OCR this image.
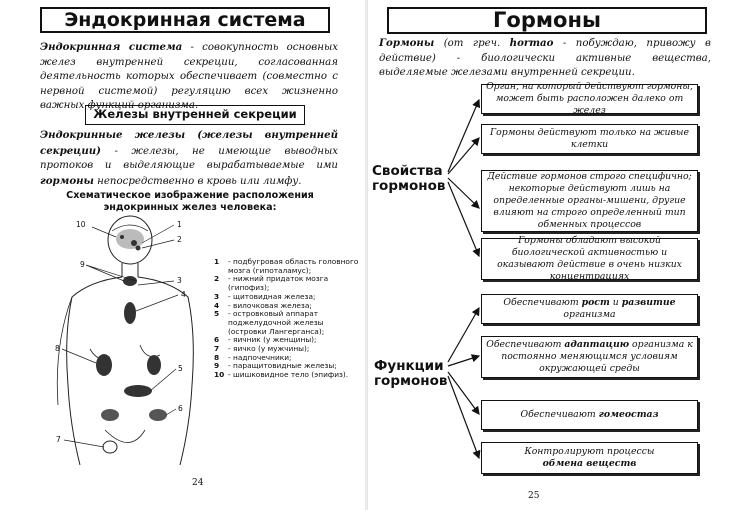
Эндокринная система

Эндокринная система - совокупность основных желез внутренней секреции, согласованная деятельность которых обеспечивает (совместно с нервной системой) регуляцию всех жизненно важных функций организма.

Железы внутренней секреции

Эндокринные железы (железы внутренней секреции) - железы, не имеющие выводных протоков и выделяющие вырабатываемые ими гормоны непосредственно в кровь или лимфу.

Схематическое изображение расположения эндокринных желез человека:
10	1
2
9
3
4
8
5
6
7
1	- подбугровая область головного мозга (гипоталамус);
2	- нижний придаток мозга (гипофиз);
3	- щитовидная железа;
4	- вилочковая железа;
5	- островковый аппарат поджелудочной железы (островки Лангерганса);
6	- яичник (у женщины);
7	- яичко (у мужчины);
8	- надпочечники;
9	- паращитовидные железы;
10 - шишковидное тело (эпифиз).
24
Гормоны

Гормоны (от греч. hormao - побуждаю, привожу в действие) - биологически активные вещества, выделяемые железами внутренней секреции.

Свойства гормонов
Функции гормонов
Орган, на который действуют гормоны, может быть расположен далеко от желез
Гормоны действуют только на живые клетки
Действие гормонов строго специфично; некоторые действуют лишь на определенные органы-мишени, другие влияют на строго определенный тип обменных процессов
Гормоны обладают высокой биологической активностью и оказывают действие в очень низких концентрациях
Обеспечивают рост и развитие организма
Обеспечивают адаптацию организма к постоянно меняющимся условиям окружающей среды
Обеспечивают гомеостаз
Контролируют процессы
обмена веществ
25
